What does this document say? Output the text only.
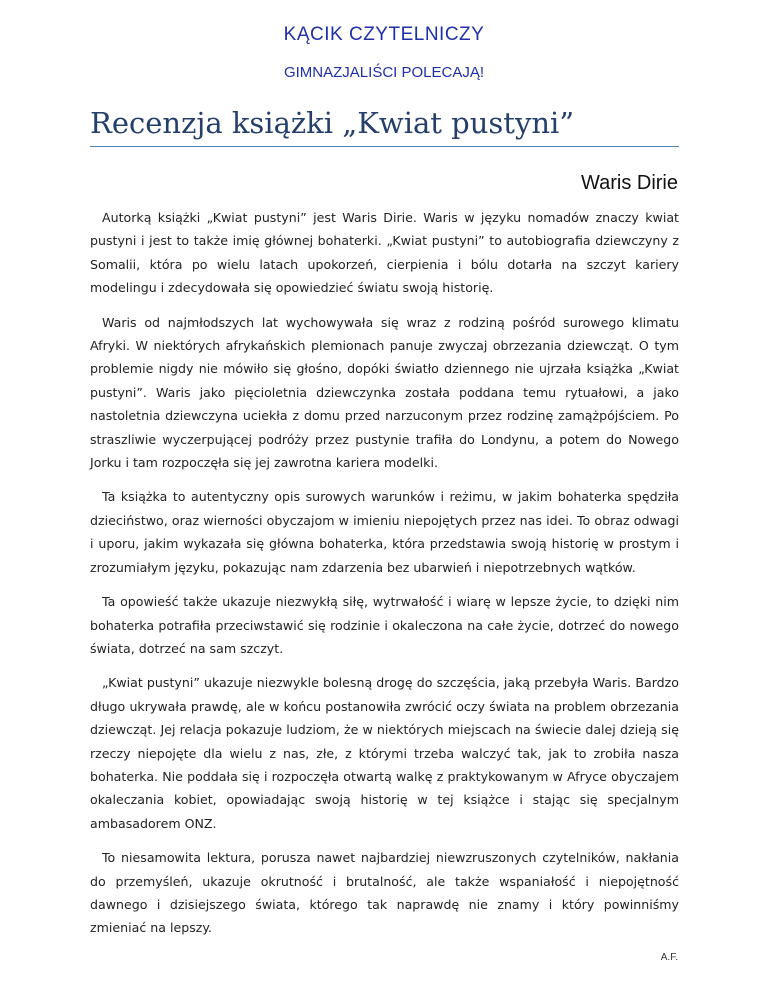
KĄCIK CZYTELNICZY
GIMNAZJALIŚCI POLECAJĄ!
Recenzja książki „Kwiat pustyni”
Waris Dirie

Autorką książki „Kwiat pustyni” jest Waris Dirie. Waris w języku nomadów znaczy kwiat pustyni i jest to także imię głównej bohaterki. „Kwiat pustyni” to autobiografia dziewczyny z Somalii, która po wielu latach upokorzeń, cierpienia i bólu dotarła na szczyt kariery modelingu i zdecydowała się opowiedzieć światu swoją historię.

Waris od najmłodszych lat wychowywała się wraz z rodziną pośród surowego klimatu Afryki. W niektórych afrykańskich plemionach panuje zwyczaj obrzezania dziewcząt. O tym problemie nigdy nie mówiło się głośno, dopóki światło dziennego nie ujrzała książka „Kwiat pustyni”. Waris jako pięcioletnia dziewczynka została poddana temu rytuałowi, a jako nastoletnia dziewczyna uciekła z domu przed narzuconym przez rodzinę zamążpójściem. Po straszliwie wyczerpującej podróży przez pustynie trafiła do Londynu, a potem do Nowego Jorku i tam rozpoczęła się jej zawrotna kariera modelki.

Ta książka to autentyczny opis surowych warunków i reżimu, w jakim bohaterka spędziła dzieciństwo, oraz wierności obyczajom w imieniu niepojętych przez nas idei. To obraz odwagi i uporu, jakim wykazała się główna bohaterka, która przedstawia swoją historię w prostym i zrozumiałym języku, pokazując nam zdarzenia bez ubarwień i niepotrzebnych wątków.

Ta opowieść także ukazuje niezwykłą siłę, wytrwałość i wiarę w lepsze życie, to dzięki nim bohaterka potrafiła przeciwstawić się rodzinie i okaleczona na całe życie, dotrzeć do nowego świata, dotrzeć na sam szczyt.

„Kwiat pustyni” ukazuje niezwykle bolesną drogę do szczęścia, jaką przebyła Waris. Bardzo długo ukrywała prawdę, ale w końcu postanowiła zwrócić oczy świata na problem obrzezania dziewcząt. Jej relacja pokazuje ludziom, że w niektórych miejscach na świecie dalej dzieją się rzeczy niepojęte dla wielu z nas, złe, z którymi trzeba walczyć tak, jak to zrobiła nasza bohaterka. Nie poddała się i rozpoczęła otwartą walkę z praktykowanym w Afryce obyczajem okaleczania kobiet, opowiadając swoją historię w tej książce i stając się specjalnym ambasadorem ONZ.

To niesamowita lektura, porusza nawet najbardziej niewzruszonych czytelników, nakłania do przemyśleń, ukazuje okrutność i brutalność, ale także wspaniałość i niepojętność dawnego i dzisiejszego świata, którego tak naprawdę nie znamy i który powinniśmy zmieniać na lepszy.

A.F.
